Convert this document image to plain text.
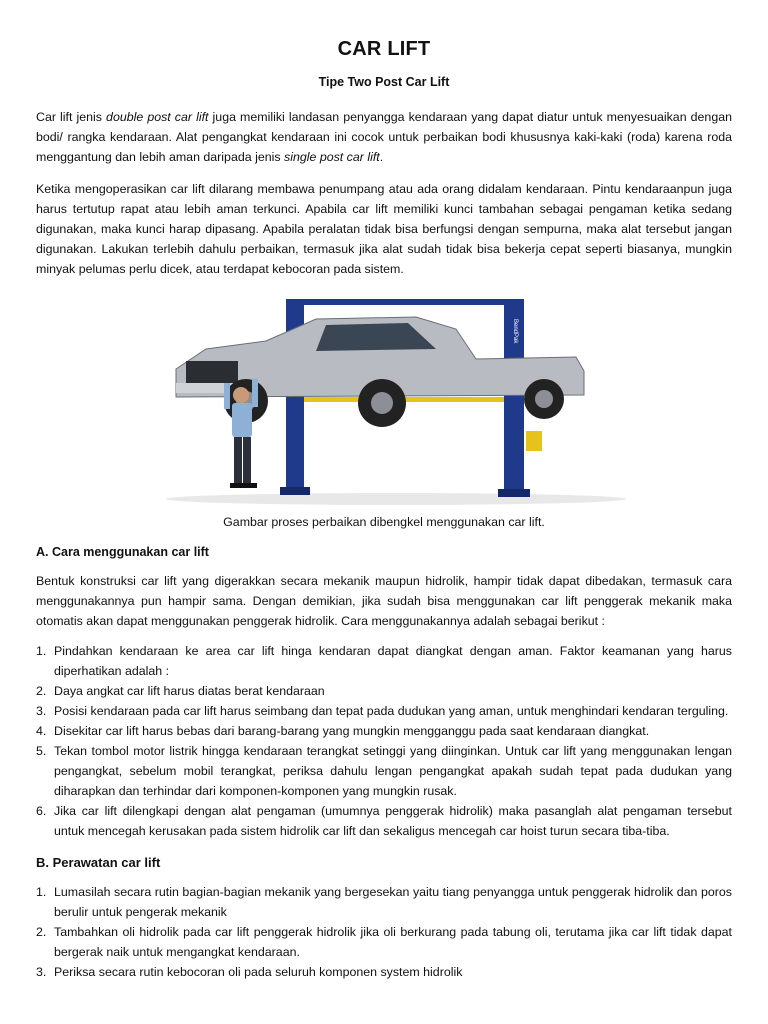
CAR LIFT
Tipe Two Post Car Lift

Car lift jenis double post car lift juga memiliki landasan penyangga kendaraan yang dapat diatur untuk menyesuaikan dengan bodi/ rangka kendaraan. Alat pengangkat kendaraan ini cocok untuk perbaikan bodi khususnya kaki-kaki (roda) karena roda menggantung dan lebih aman daripada jenis single post car lift.

Ketika mengoperasikan car lift dilarang membawa penumpang atau ada orang didalam kendaraan. Pintu kendaraanpun juga harus tertutup rapat atau lebih aman terkunci. Apabila car lift memiliki kunci tambahan sebagai pengaman ketika sedang digunakan, maka kunci harap dipasang. Apabila peralatan tidak bisa berfungsi dengan sempurna, maka alat tersebut jangan digunakan. Lakukan terlebih dahulu perbaikan, termasuk jika alat sudah tidak bisa bekerja cepat seperti biasanya, mungkin minyak pelumas perlu dicek, atau terdapat kebocoran pada sistem.

BendPak
Gambar proses perbaikan dibengkel menggunakan car lift.
A. Cara menggunakan car lift

Bentuk konstruksi car lift yang digerakkan secara mekanik maupun hidrolik, hampir tidak dapat dibedakan, termasuk cara menggunakannya pun hampir sama. Dengan demikian, jika sudah bisa menggunakan car lift penggerak mekanik maka otomatis akan dapat menggunakan penggerak hidrolik. Cara menggunakannya adalah sebagai berikut :

1. Pindahkan kendaraan ke area car lift hinga kendaran dapat diangkat dengan aman. Faktor keamanan yang harus diperhatikan adalah :
2. Daya angkat car lift harus diatas berat kendaraan
3. Posisi kendaraan pada car lift harus seimbang dan tepat pada dudukan yang aman, untuk menghindari kendaran terguling.
4. Disekitar car lift harus bebas dari barang-barang yang mungkin mengganggu pada saat kendaraan diangkat.
5. Tekan tombol motor listrik hingga kendaraan terangkat setinggi yang diinginkan. Untuk car lift yang menggunakan lengan pengangkat, sebelum mobil terangkat, periksa dahulu lengan pengangkat apakah sudah tepat pada dudukan yang diharapkan dan terhindar dari komponen-komponen yang mungkin rusak.
6. Jika car lift dilengkapi dengan alat pengaman (umumnya penggerak hidrolik) maka pasanglah alat pengaman tersebut untuk mencegah kerusakan pada sistem hidrolik car lift dan sekaligus mencegah car hoist turun secara tiba-tiba.
B. Perawatan car lift
1. Lumasilah secara rutin bagian-bagian mekanik yang bergesekan yaitu tiang penyangga untuk penggerak hidrolik dan poros berulir untuk pengerak mekanik
2. Tambahkan oli hidrolik pada car lift penggerak hidrolik jika oli berkurang pada tabung oli, terutama jika car lift tidak dapat bergerak naik untuk mengangkat kendaraan.
3. Periksa secara rutin kebocoran oli pada seluruh komponen system hidrolik
